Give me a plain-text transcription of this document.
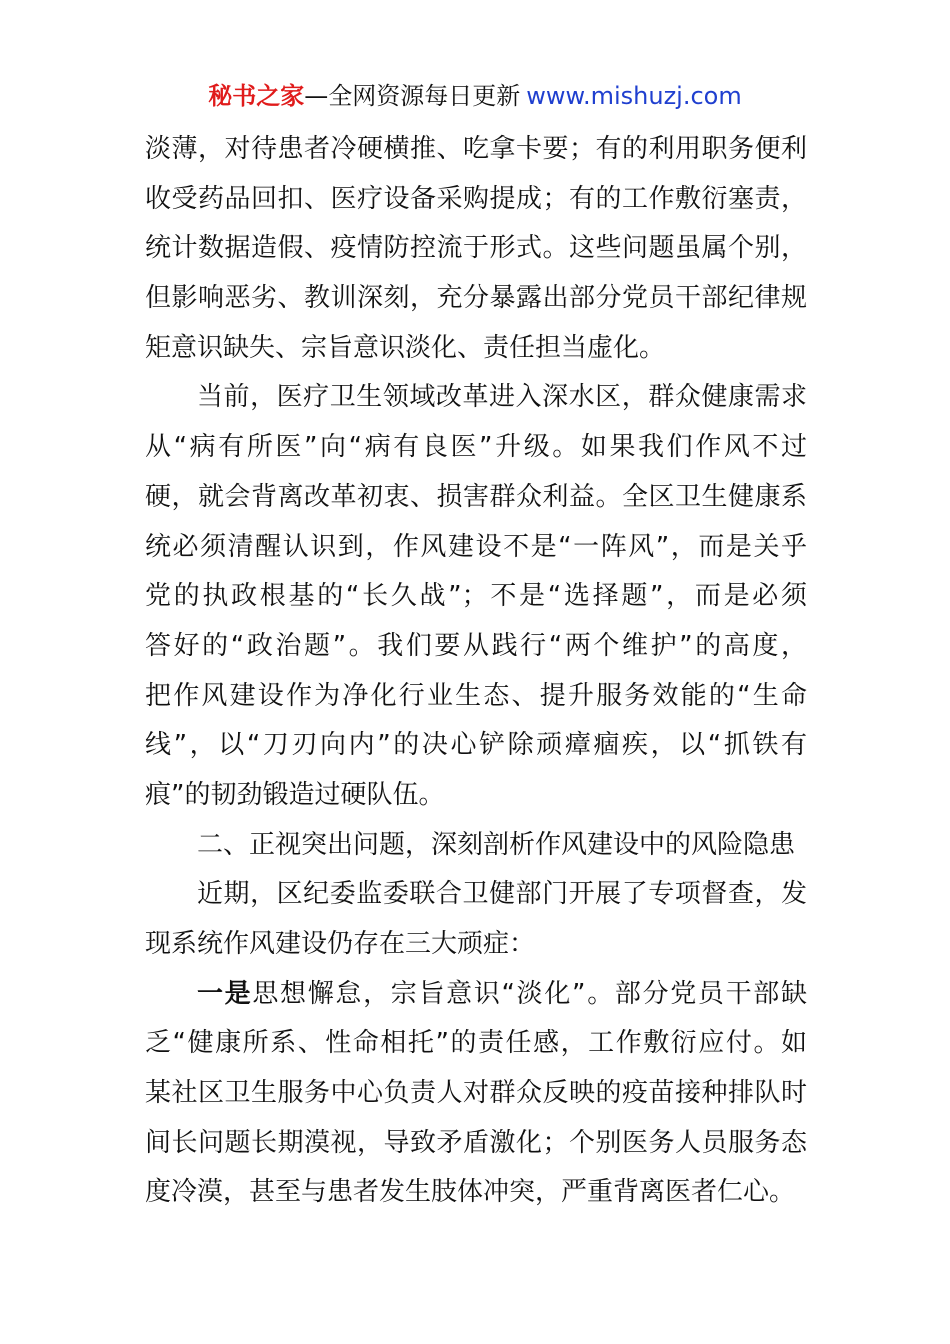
秘书之家—全网资源每日更新 www.mishuzj.com
淡薄，对待患者冷硬横推、吃拿卡要；有的利用职务便利
收受药品回扣、医疗设备采购提成；有的工作敷衍塞责，
统计数据造假、疫情防控流于形式。这些问题虽属个别，
但影响恶劣、教训深刻，充分暴露出部分党员干部纪律规
矩意识缺失、宗旨意识淡化、责任担当虚化。
当前，医疗卫生领域改革进入深水区，群众健康需求
从“病有所医”向“病有良医”升级。如果我们作风不过
硬，就会背离改革初衷、损害群众利益。全区卫生健康系
统必须清醒认识到，作风建设不是“一阵风”，而是关乎
党的执政根基的“长久战”；不是“选择题”，而是必须
答好的“政治题”。我们要从践行“两个维护”的高度，
把作风建设作为净化行业生态、提升服务效能的“生命
线”，以“刀刃向内”的决心铲除顽瘴痼疾，以“抓铁有
痕”的韧劲锻造过硬队伍。
二、正视突出问题，深刻剖析作风建设中的风险隐患
近期，区纪委监委联合卫健部门开展了专项督查，发
现系统作风建设仍存在三大顽症：
一是思想懈怠，宗旨意识“淡化”。部分党员干部缺
乏“健康所系、性命相托”的责任感，工作敷衍应付。如
某社区卫生服务中心负责人对群众反映的疫苗接种排队时
间长问题长期漠视，导致矛盾激化；个别医务人员服务态
度冷漠，甚至与患者发生肢体冲突，严重背离医者仁心。
